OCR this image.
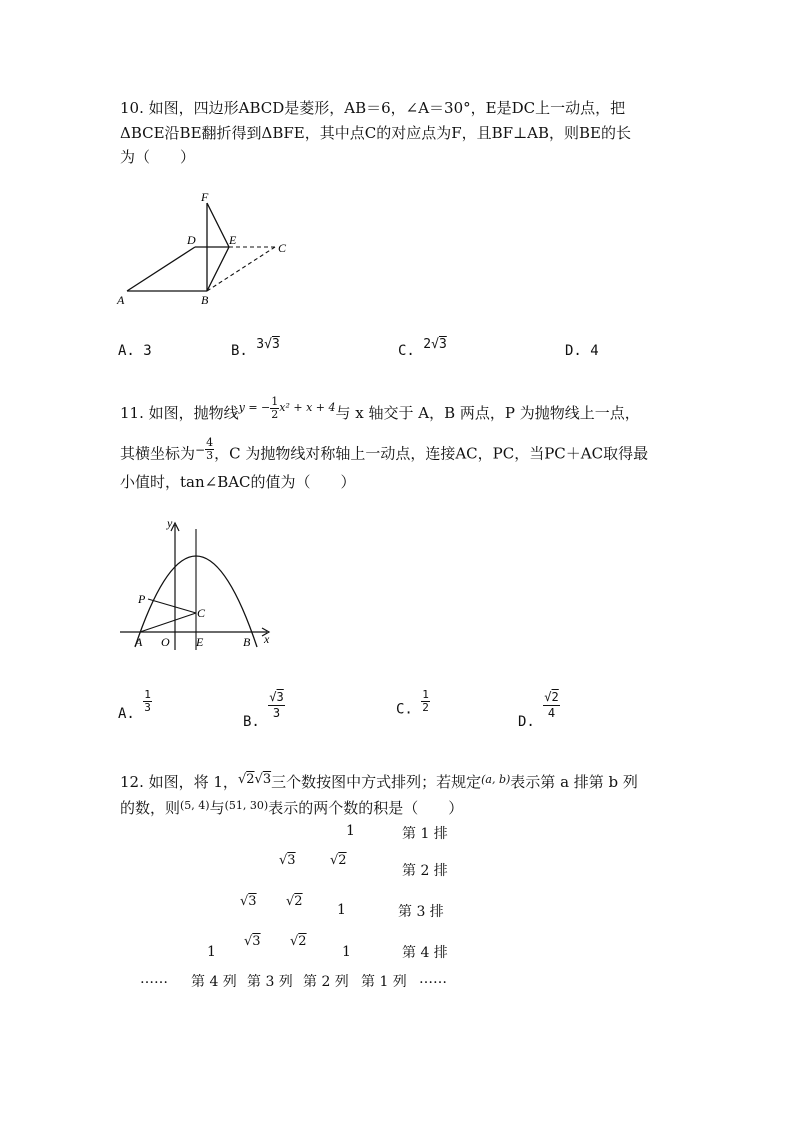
10. 如图，四边形ABCD是菱形，AB＝6，∠A＝30°，E是DC上一动点，把
ΔBCE沿BE翻折得到ΔBFE，其中点C的对应点为F，且BF⊥AB，则BE的长
为（　　）
A	B
C
D	E
F
A. 3	B. 3√3	C. 2√3	D. 4
11. 如图，抛物线$^{y = - \frac{1}{2} x^2 + x + 4}$与 x 轴交于 A，B 两点，P 为抛物线上一点，
其横坐标为$^- \frac{4}{3}$ ，C 为抛物线对称轴上一动点，连接AC，PC，当PC＋AC取得最
小值时，tan∠BAC的值为（　　）
y
x
P
C
A O E	B
A. $\frac{1}{3}$
B.
$\frac{√3}{3}$	C. $\frac{1}{2}$
D.
$\frac{√2}{4}$
12. 如图，将 1，√2√3三个数按图中方式排列；若规定$^{(a, b)}$表示第 a 排第 b 列
的数，则$^{(5, 4)}$与$^{(51, 30)}$表示的两个数的积是（　　）
1	第 1 排
√3	√2
第 2 排
√3 √2
1	第 3 排
1
√3 √2
1	第 4 排
…… 第 4 列 第 3 列 第 2 列 第 1 列 ……
